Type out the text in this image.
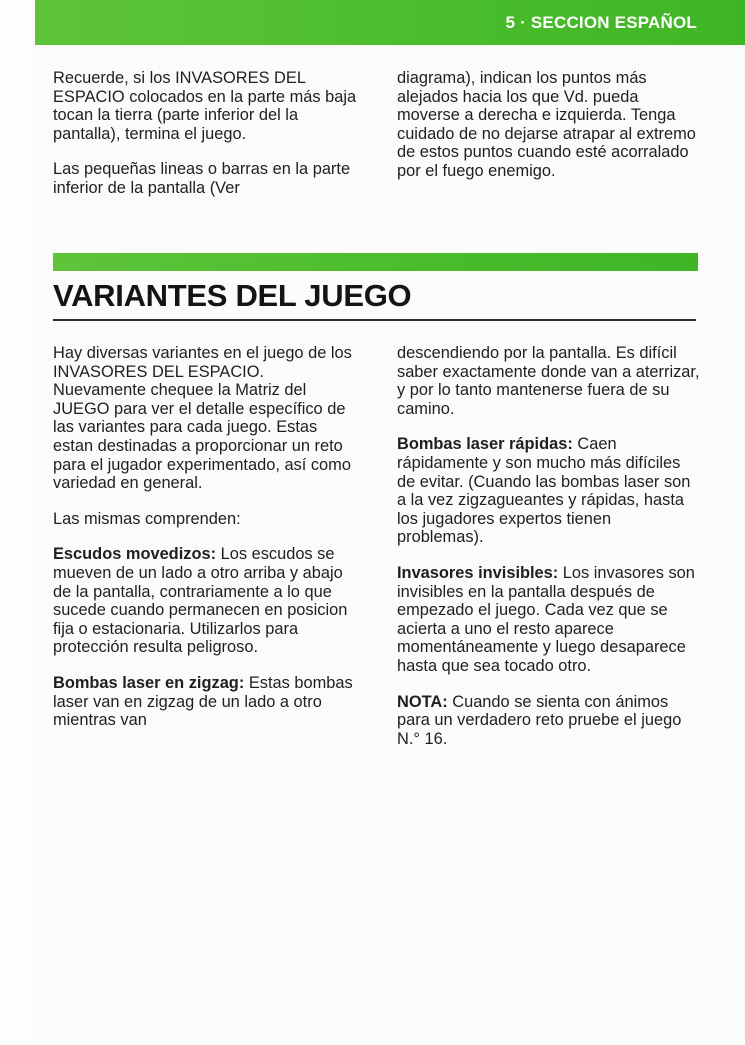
5 · SECCION ESPAÑOL

Recuerde, si los INVASORES DEL ESPACIO colocados en la parte más baja tocan la tierra (parte inferior del la pantalla), termina el juego.

Las pequeñas lineas o barras en la parte inferior de la pantalla (Ver

diagrama), indican los puntos más alejados hacia los que Vd. pueda moverse a derecha e izquierda. Tenga cuidado de no dejarse atrapar al extremo de estos puntos cuando esté acorralado por el fuego enemigo.

VARIANTES DEL JUEGO

Hay diversas variantes en el juego de los INVASORES DEL ESPACIO. Nuevamente chequee la Matriz del JUEGO para ver el detalle específico de las variantes para cada juego. Estas estan destinadas a proporcionar un reto para el jugador experimentado, así como variedad en general.

Las mismas comprenden:

Escudos movedizos: Los escudos se mueven de un lado a otro arriba y abajo de la pantalla, contrariamente a lo que sucede cuando permanecen en posicion fija o estacionaria. Utilizarlos para protección resulta peligroso.

Bombas laser en zigzag: Estas bombas laser van en zigzag de un lado a otro mientras van

descendiendo por la pantalla. Es difícil saber exactamente donde van a aterrizar, y por lo tanto mantenerse fuera de su camino.

Bombas laser rápidas: Caen rápidamente y son mucho más difíciles de evitar. (Cuando las bombas laser son a la vez zigzagueantes y rápidas, hasta los jugadores expertos tienen problemas).

Invasores invisibles: Los invasores son invisibles en la pantalla después de empezado el juego. Cada vez que se acierta a uno el resto aparece momentáneamente y luego desaparece hasta que sea tocado otro.

NOTA: Cuando se sienta con ánimos para un verdadero reto pruebe el juego N.° 16.
